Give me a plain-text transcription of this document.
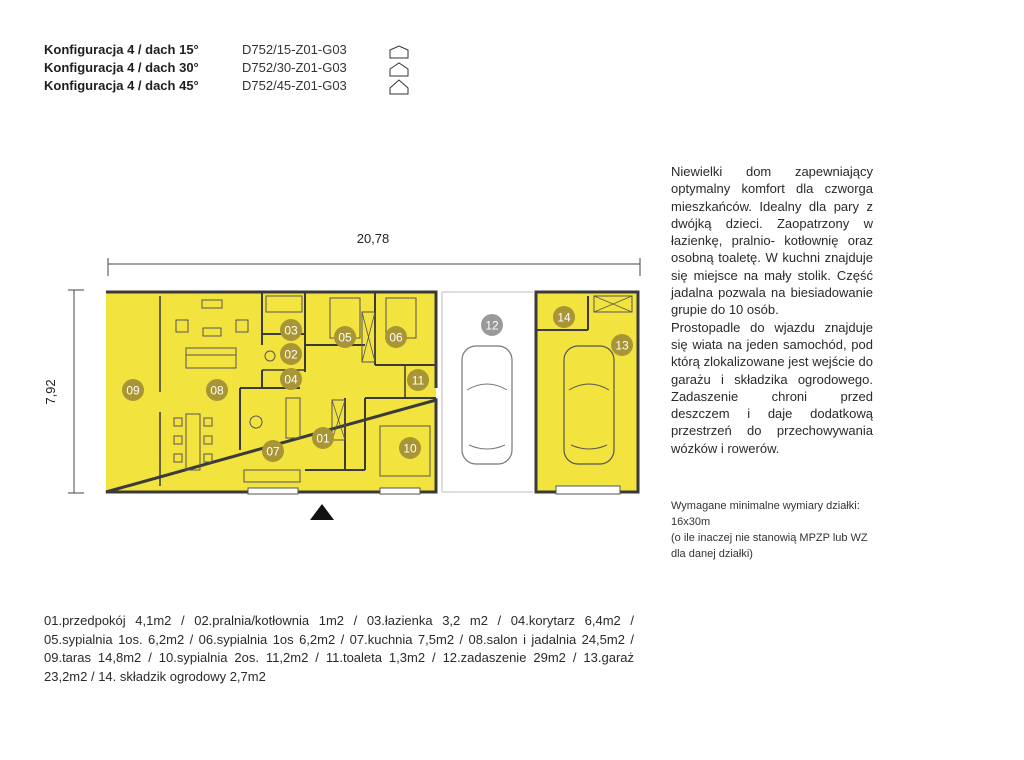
Konfiguracja 4 / dach 15°	D752/15-Z01-G03
Konfiguracja 4 / dach 30°	D752/30-Z01-G03
Konfiguracja 4 / dach 45°	D752/45-Z01-G03
20,78
7,92
01
02
03
04
05	06
07
08
09
10
11
12
13
14

Niewielki dom zapewniający optymalny komfort dla czworga mieszkańców. Idealny dla pary z dwójką dzieci. Zaopatrzony w łazienkę, pralnio- kotłownię oraz osobną toaletę. W kuchni znajduje się miejsce na mały stolik. Część jadalna pozwala na biesiadowanie grupie do 10 osób.

Prostopadle do wjazdu znajduje się wiata na jeden samochód, pod którą zlokalizowane jest wejście do garażu i składzika ogrodowego. Zadaszenie chroni przed deszczem i daje dodatkową przestrzeń do przechowywania wózków i rowerów.

Wymagane minimalne wymiary działki:
16x30m
(o ile inaczej nie stanowią MPZP lub WZ
dla danej działki)

01.przedpokój 4,1m2 / 02.pralnia/kotłownia 1m2 / 03.łazienka 3,2 m2 / 04.korytarz 6,4m2 / 05.sypialnia 1os. 6,2m2 / 06.sypialnia 1os 6,2m2 / 07.kuchnia 7,5m2 / 08.salon i jadalnia 24,5m2 / 09.taras 14,8m2 / 10.sypialnia 2os. 11,2m2 / 11.toaleta 1,3m2 / 12.zadaszenie 29m2 / 13.garaż 23,2m2 / 14. składzik ogrodowy 2,7m2
